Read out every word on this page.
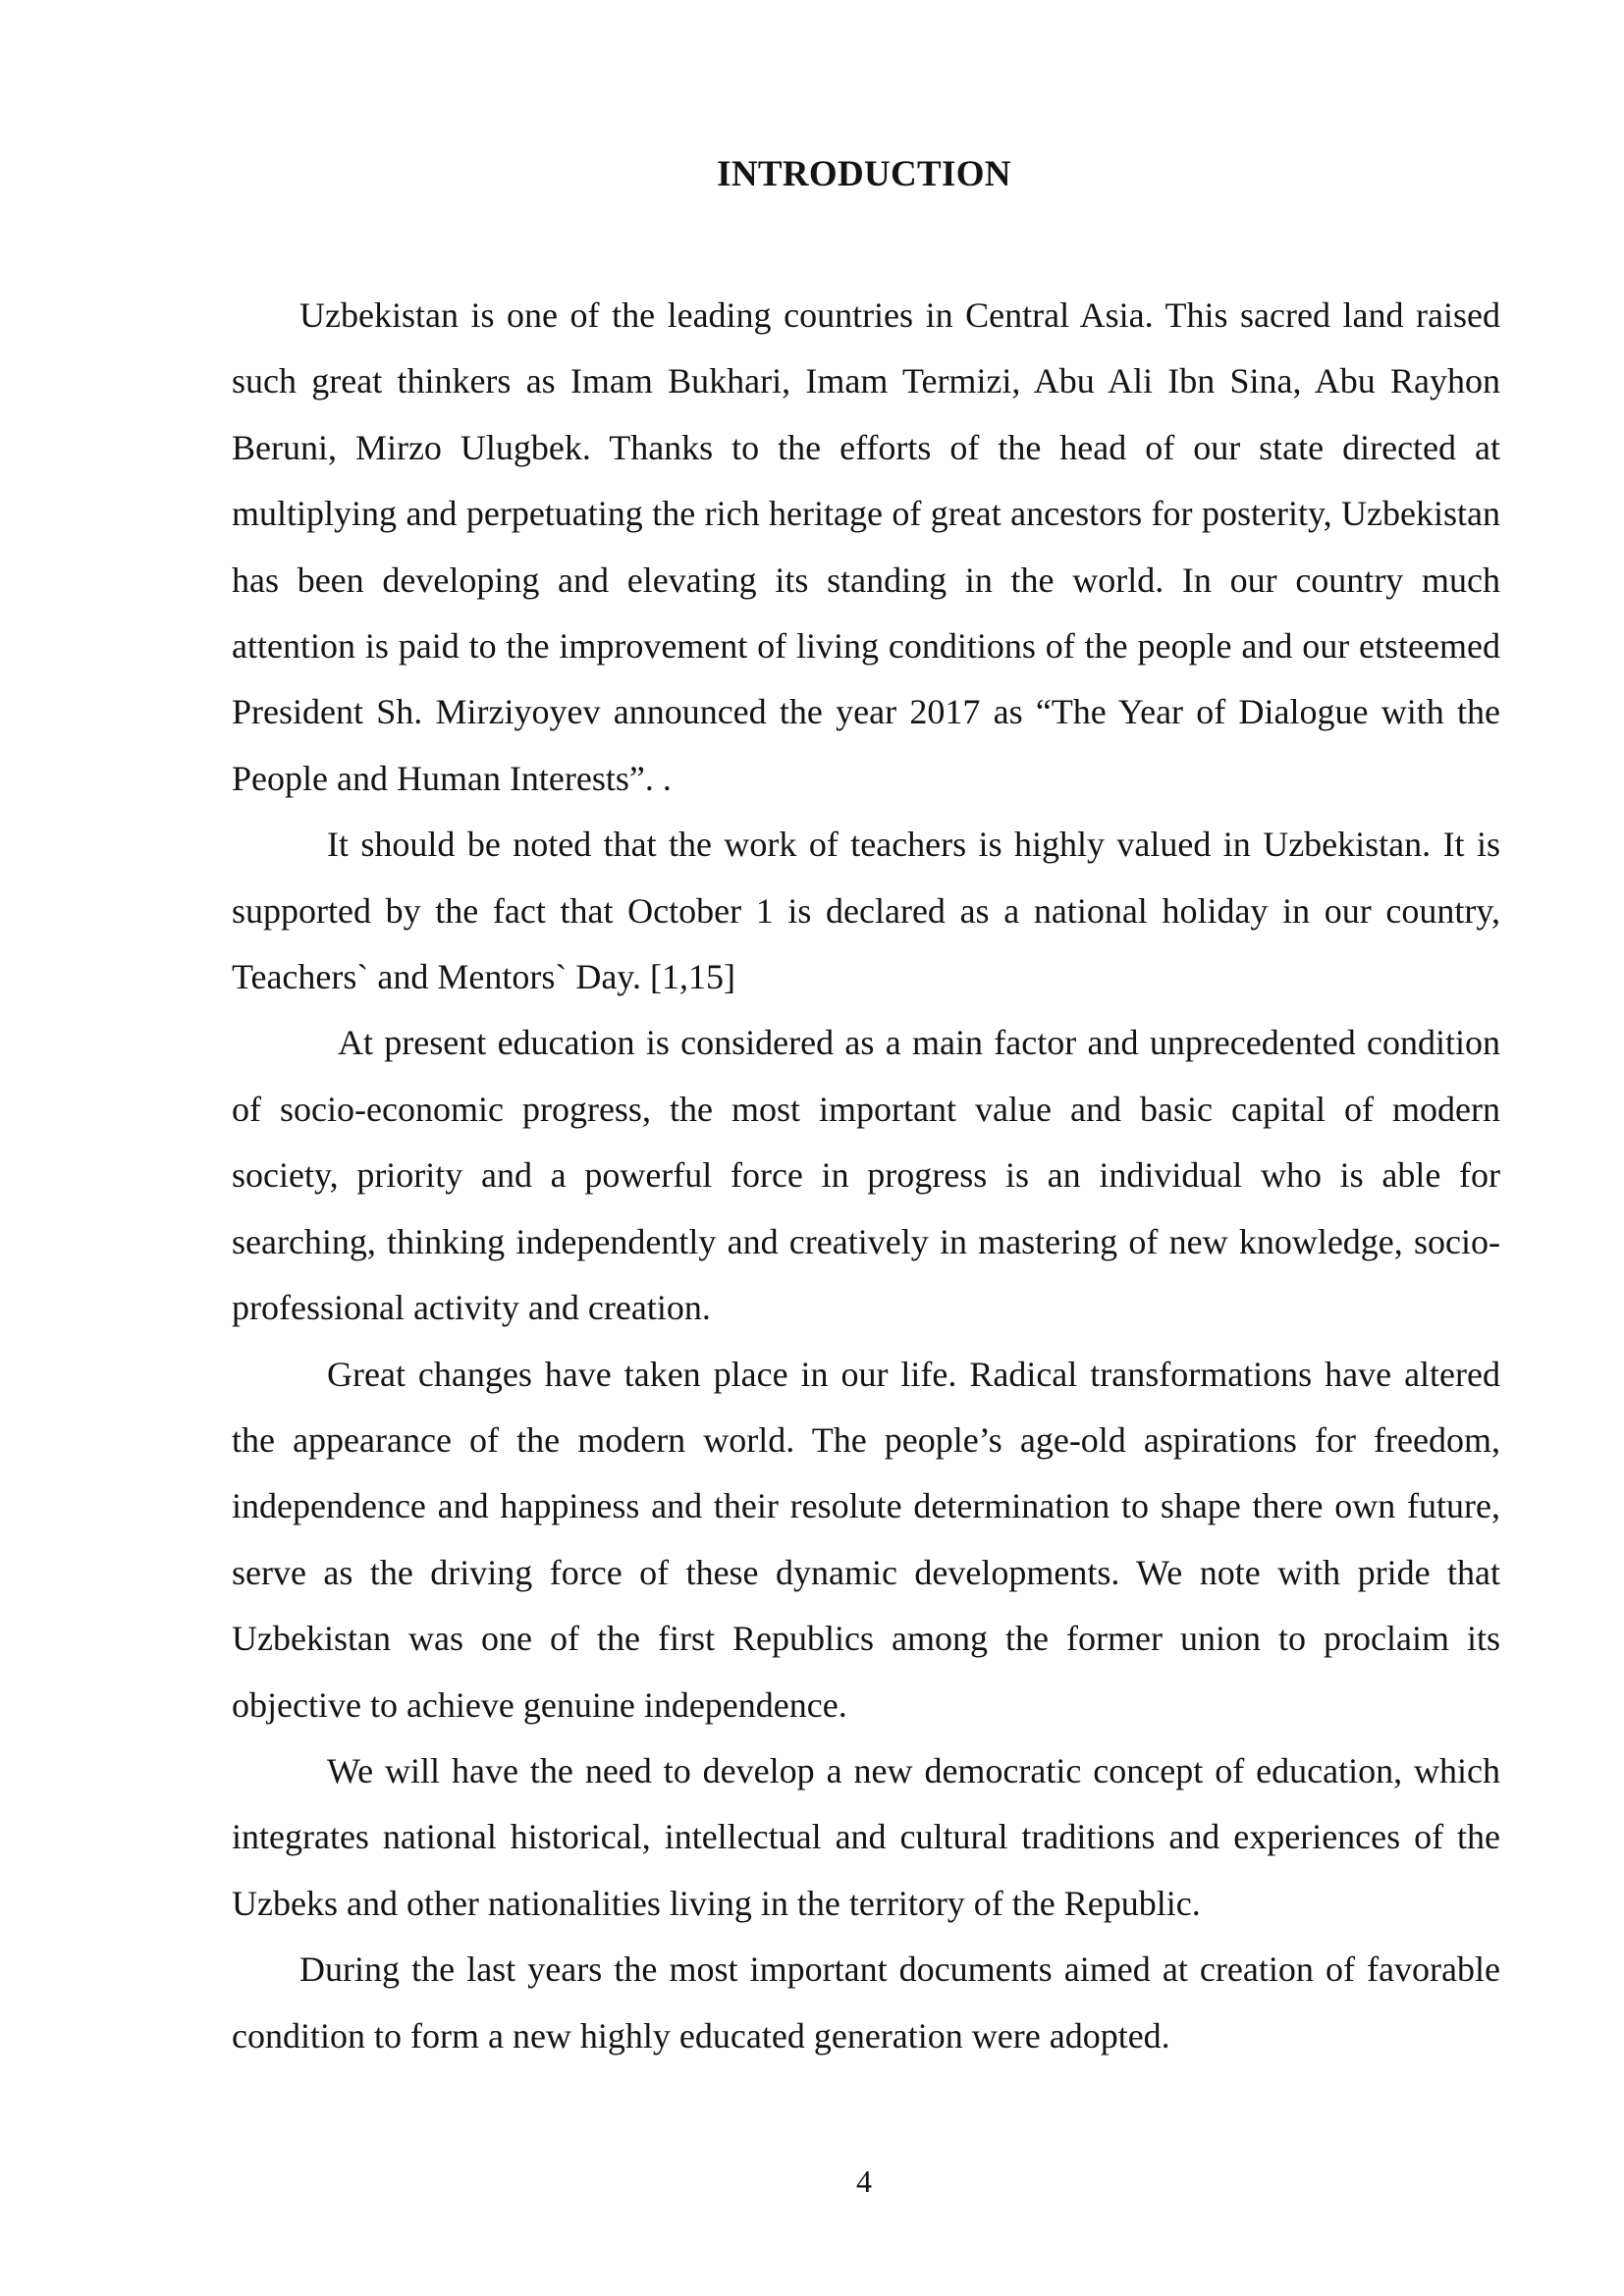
INTRODUCTION

Uzbekistan is one of the leading countries in Central Asia. This sacred land raised such great thinkers as Imam Bukhari, Imam Termizi, Abu Ali Ibn Sina, Abu Rayhon Beruni, Mirzo Ulugbek. Thanks to the efforts of the head of our state directed at multiplying and perpetuating the rich heritage of great ancestors for posterity, Uzbekistan has been developing and elevating its standing in the world. In our country much attention is paid to the improvement of living conditions of the people and our etsteemed President Sh. Mirziyoyev announced the year 2017 as “The Year of Dialogue with the People and Human Interests”. .

It should be noted that the work of teachers is highly valued in Uzbekistan. It is supported by the fact that October 1 is declared as a national holiday in our country, Teachers` and Mentors` Day. [1,15]

At present education is considered as a main factor and unprecedented condition of socio-economic progress, the most important value and basic capital of modern society, priority and a powerful force in progress is an individual who is able for searching, thinking independently and creatively in mastering of new knowledge, socio-professional activity and creation.

Great changes have taken place in our life. Radical transformations have altered the appearance of the modern world. The people’s age-old aspirations for freedom, independence and happiness and their resolute determination to shape there own future, serve as the driving force of these dynamic developments. We note with pride that Uzbekistan was one of the first Republics among the former union to proclaim its objective to achieve genuine independence.

We will have the need to develop a new democratic concept of education, which integrates national historical, intellectual and cultural traditions and experiences of the Uzbeks and other nationalities living in the territory of the Republic.

During the last years the most important documents aimed at creation of favorable condition to form a new highly educated generation were adopted.

4
